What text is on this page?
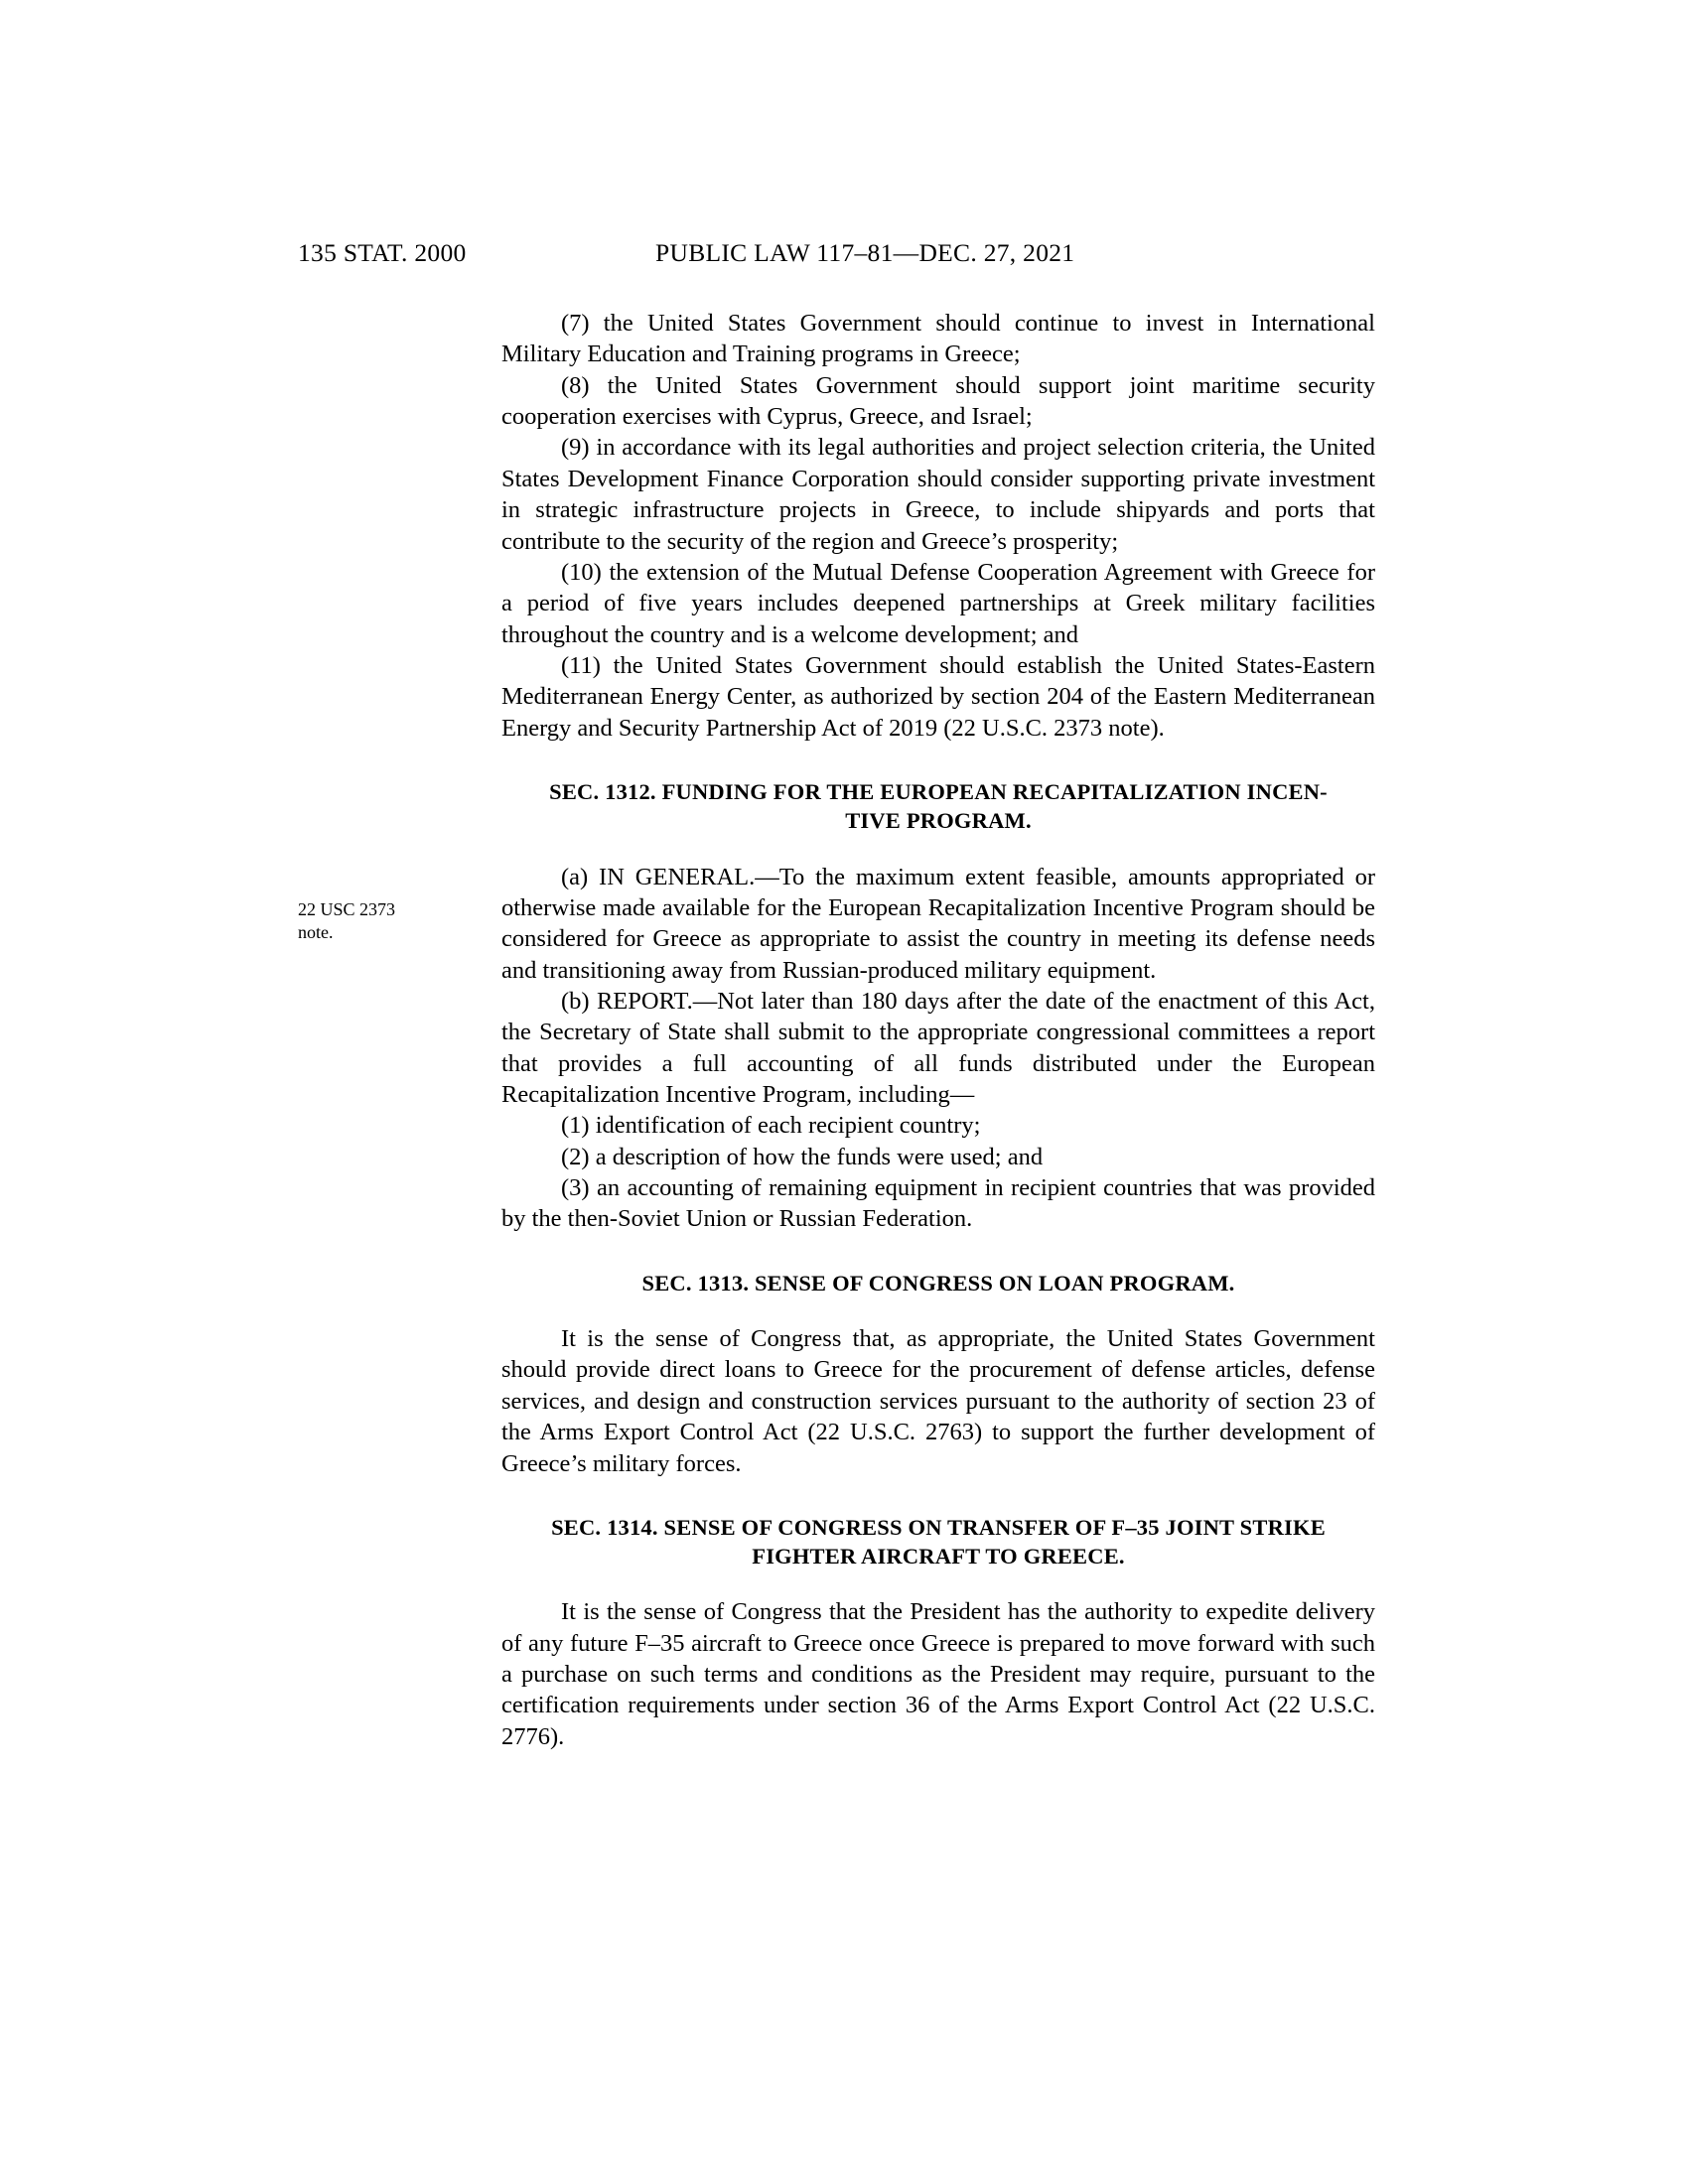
135 STAT. 2000	PUBLIC LAW 117–81—DEC. 27, 2021
22 USC 2373
note.

(7) the United States Government should continue to invest in International Military Education and Training programs in Greece;

(8) the United States Government should support joint maritime security cooperation exercises with Cyprus, Greece, and Israel;

(9) in accordance with its legal authorities and project selection criteria, the United States Development Finance Corporation should consider supporting private investment in strategic infrastructure projects in Greece, to include shipyards and ports that contribute to the security of the region and Greece’s prosperity;

(10) the extension of the Mutual Defense Cooperation Agreement with Greece for a period of five years includes deepened partnerships at Greek military facilities throughout the country and is a welcome development; and

(11) the United States Government should establish the United States-Eastern Mediterranean Energy Center, as authorized by section 204 of the Eastern Mediterranean Energy and Security Partnership Act of 2019 (22 U.S.C. 2373 note).

SEC. 1312. FUNDING FOR THE EUROPEAN RECAPITALIZATION INCEN-

TIVE PROGRAM.

(a) IN GENERAL.—To the maximum extent feasible, amounts appropriated or otherwise made available for the European Recapitalization Incentive Program should be considered for Greece as appropriate to assist the country in meeting its defense needs and transitioning away from Russian-produced military equipment.

(b) REPORT.—Not later than 180 days after the date of the enactment of this Act, the Secretary of State shall submit to the appropriate congressional committees a report that provides a full accounting of all funds distributed under the European Recapitalization Incentive Program, including—

(1) identification of each recipient country;

(2) a description of how the funds were used; and

(3) an accounting of remaining equipment in recipient countries that was provided by the then-Soviet Union or Russian Federation.

SEC. 1313. SENSE OF CONGRESS ON LOAN PROGRAM.

It is the sense of Congress that, as appropriate, the United States Government should provide direct loans to Greece for the procurement of defense articles, defense services, and design and construction services pursuant to the authority of section 23 of the Arms Export Control Act (22 U.S.C. 2763) to support the further development of Greece’s military forces.

SEC. 1314. SENSE OF CONGRESS ON TRANSFER OF F–35 JOINT STRIKE

FIGHTER AIRCRAFT TO GREECE.

It is the sense of Congress that the President has the authority to expedite delivery of any future F–35 aircraft to Greece once Greece is prepared to move forward with such a purchase on such terms and conditions as the President may require, pursuant to the certification requirements under section 36 of the Arms Export Control Act (22 U.S.C. 2776).
